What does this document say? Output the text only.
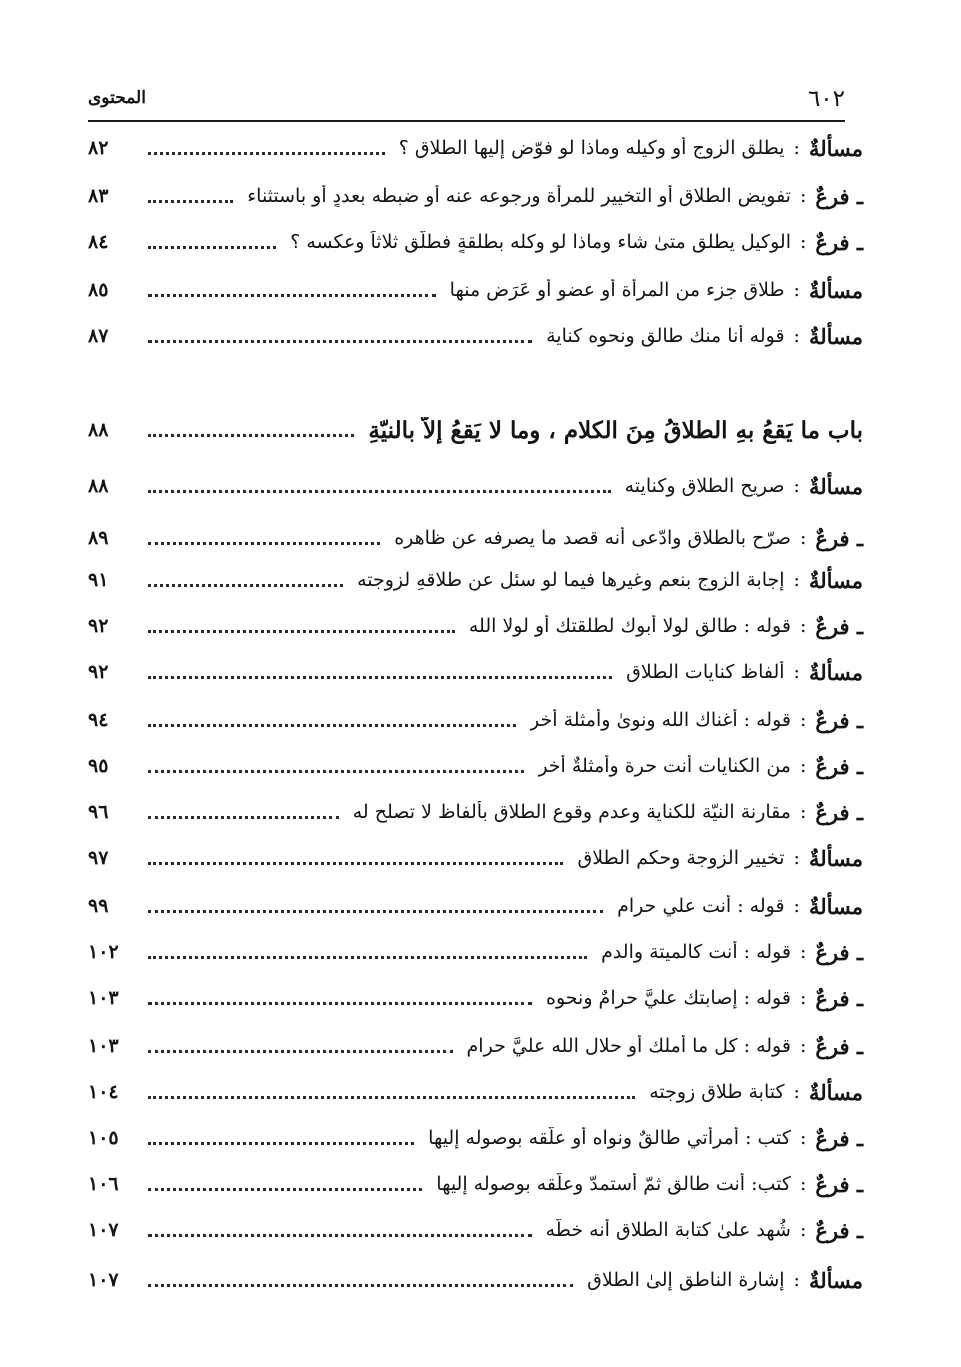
٦٠٢
المحتوى
مسألةٌ
:
يطلق الزوج أو وكيله وماذا لو فوّض إليها الطلاق ؟
٨٢
ـ فرعٌ
:
تفويض الطلاق أو التخيير للمرأة ورجوعه عنه أو ضبطه بعددٍ أو باستثناء
٨٣
ـ فرعٌ
:
الوكيل يطلق متىٰ شاء وماذا لو وكله بطلقةٍ فطلّق ثلاثاً وعكسه ؟
٨٤
مسألةٌ
:
طلاق جزء من المرأة أو عضوٍ أو عَرَضٍ منها
٨٥
مسألةٌ
:
قوله أنا منك طالق ونحوه كناية
٨٧
باب ما يَقعُ بهِ الطلاقُ مِنَ الكلامِ ، وما لا يَقعُ إلاّ بالنيّةِ
٨٨
مسألةٌ
:
صريح الطلاق وكنايته
٨٨
ـ فرعٌ
:
صرّح بالطلاق وادّعى أنه قصد ما يصرفه عن ظاهره
٨٩
مسألةٌ
:
إجابة الزوج بنعم وغيرها فيما لو سئل عن طلاقهِ لزوجته
٩١
ـ فرعٌ
:
قوله : طالق لولا أبوك لطلقتك أو لولا الله
٩٢
مسألةٌ
:
ألفاظ كنايات الطلاق
٩٢
ـ فرعٌ
:
قوله : أغناك الله ونوىٰ وأمثلة أخر
٩٤
ـ فرعٌ
:
من الكنايات أنت حرة وأمثلةٌ أخر
٩٥
ـ فرعٌ
:
مقارنة النيّة للكناية وعدم وقوع الطلاق بألفاظ لا تصلح له
٩٦
مسألةٌ
:
تخيير الزوجة وحكم الطلاق
٩٧
مسألةٌ
:
قوله : أنت علي حرام
٩٩
ـ فرعٌ
:
قوله : أنت كالميتة والدم
١٠٢
ـ فرعٌ
:
قوله : إصابتك عليَّ حرامٌ ونحوه
١٠٣
ـ فرعٌ
:
قوله : كل ما أملك أو حلال الله عليَّ حرام
١٠٣
مسألةٌ
:
كتابة طلاق زوجته
١٠٤
ـ فرعٌ
:
كتب : أمرأتي طالقٌ ونواه أو علّقه بوصوله إليها
١٠٥
ـ فرعٌ
:
كتب: أنت طالق ثمّ أستمدّ وعلّقه بوصوله إليها
١٠٦
ـ فرعٌ
:
شُهد علىٰ كتابة الطلاق أنه خطُّه
١٠٧
مسألةٌ
:
إشارة الناطق إلىٰ الطلاق
١٠٧
